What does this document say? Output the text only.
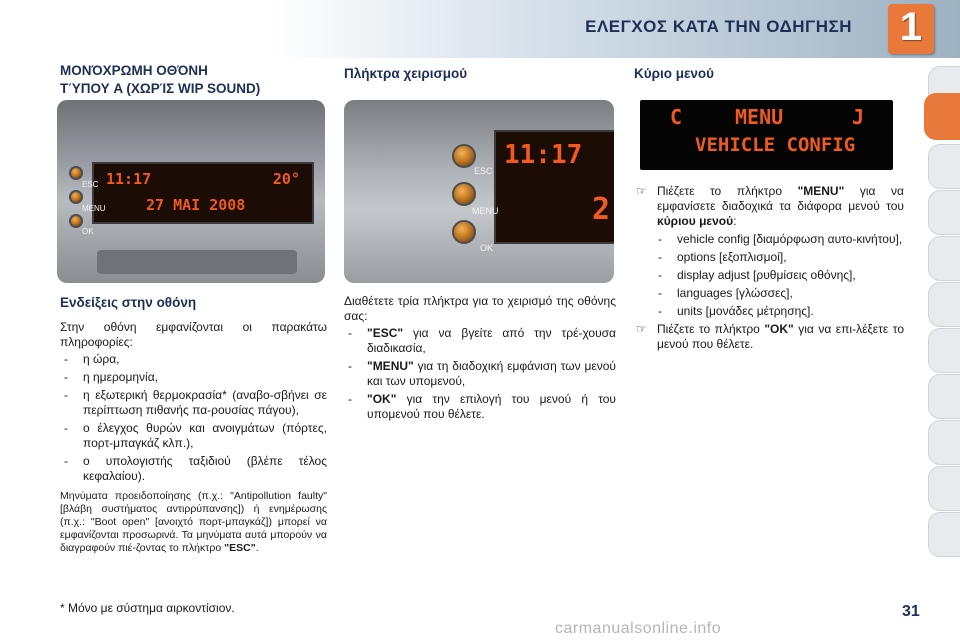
ΕΛΕΓΧΟΣ ΚΑΤΑ ΤΗΝ ΟΔΗΓΗΣΗ 1
ΜΟΝΌΧΡΩΜΗ ΟΘΌΝΗ
ΤΎΠΟΥ A (ΧΩΡΊΣ WIP SOUND)
11:17	20°
27 MAI 2008
ESC
MENU
OK
Ενδείξεις στην οθόνη
Στην οθόνη εμφανίζονται οι παρακάτω πληροφορίες:
- η ώρα,
- η ημερομηνία,
- η εξωτερική θερμοκρασία* (αναβο-σβήνει σε περίπτωση πιθανής πα-ρουσίας πάγου),
- ο έλεγχος θυρών και ανοιγμάτων (πόρτες, πορτ-μπαγκάζ κλπ.),
- ο υπολογιστής ταξιδιού (βλέπε τέλος κεφαλαίου).
Μηνύματα προειδοποίησης (π.χ.: "Antipollution faulty" [βλάβη συστήματος αντιρρύπανσης]) ή ενημέρωσης (π.χ.: "Boot open" [ανοιχτό πορτ-μπαγκάζ]) μπορεί να εμφανίζονται προσωρινά. Τα μηνύματα αυτά μπορούν να διαγραφούν πιέ-ζοντας το πλήκτρο "ESC".
* Μόνο με σύστημα αιρκοντίσιον.
Πλήκτρα χειρισμού
11:17
2
ESC
MENU
OK
Διαθέτετε τρία πλήκτρα για το χειρισμό της οθόνης σας:
- "ESC" για να βγείτε από την τρέ-χουσα διαδικασία,
- "MENU" για τη διαδοχική εμφάνιση των μενού και των υπομενού,
- "OK" για την επιλογή του μενού ή του υπομενού που θέλετε.
Κύριο μενού
C	MENU	J
VEHICLE CONFIG
☞ Πιέζετε το πλήκτρο "MENU" για να εμφανίσετε διαδοχικά τα διάφορα μενού του κύριου μενού:
- vehicle config [διαμόρφωση αυτο-κινήτου],
- options [εξοπλισμοί],
- display adjust [ρυθμίσεις οθόνης],
- languages [γλώσσες],
- units [μονάδες μέτρησης].
☞ Πιέζετε το πλήκτρο "OK" για να επι-λέξετε το μενού που θέλετε.
carmanualsonline.info
31
